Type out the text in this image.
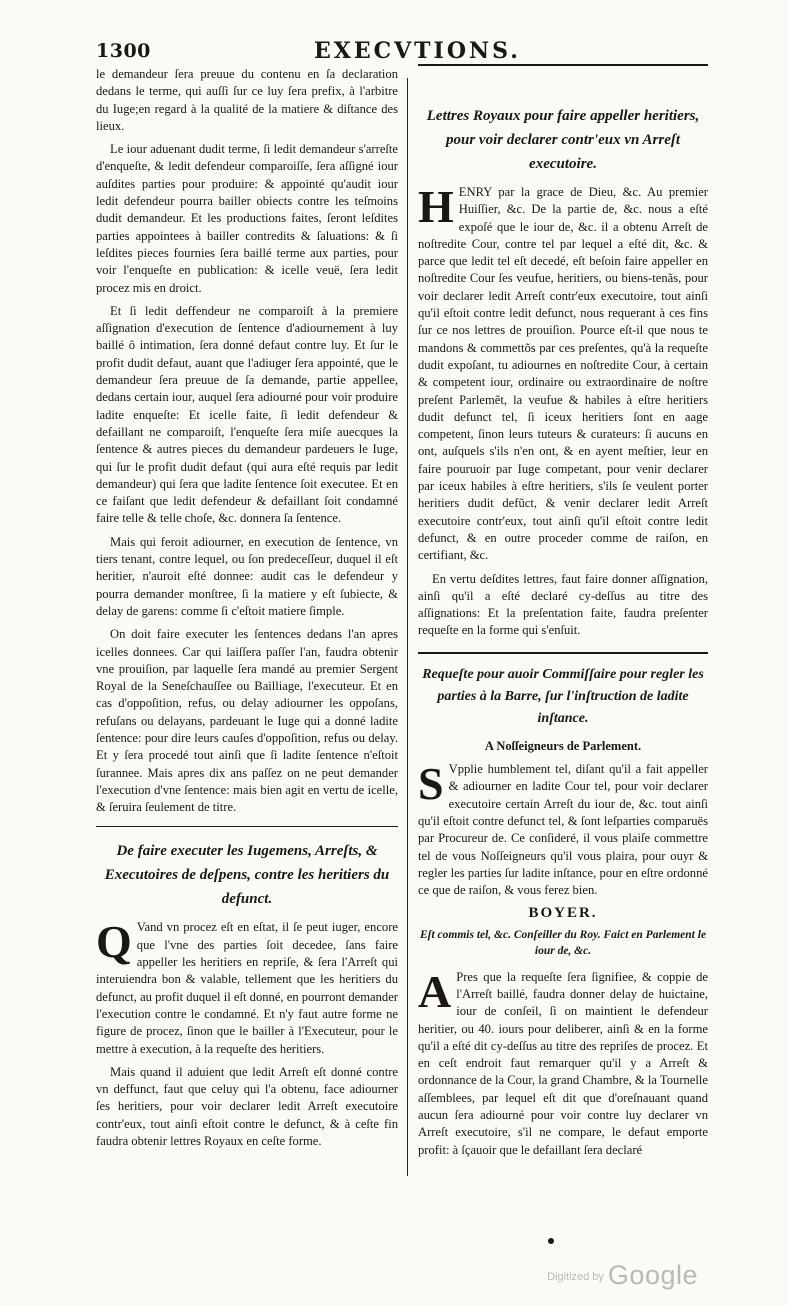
1300	EXECVTIONS.

le demandeur ſera preuue du contenu en ſa declaration dedans le terme, qui auſſi ſur ce luy ſera prefix, à l'arbitre du Iuge;en regard à la qualité de la matiere & diſtance des lieux.

Le iour aduenant dudit terme, ſi ledit demandeur s'arreſte d'enqueſte, & ledit defendeur comparoiſſe, ſera aſſigné iour auſdites parties pour produire: & appointé qu'audit iour ledit defendeur pourra bailler obiects contre les teſmoins dudit demandeur. Et les productions faites, ſeront leſdites parties appointees à bailler contredits & ſaluations: & ſi leſdites pieces fournies ſera baillé terme aux parties, pour voir l'enqueſte en publication: & icelle veuë, ſera ledit procez mis en droict.

Et ſi ledit deffendeur ne comparoiſt à la premiere aſſignation d'execution de ſentence d'adiournement à luy baillé ô intimation, ſera donné defaut contre luy. Et ſur le profit dudit defaut, auant que l'adiuger ſera appointé, que le demandeur ſera preuue de ſa demande, partie appellee, dedans certain iour, auquel ſera adiourné pour voir produire ladite enqueſte: Et icelle faite, ſi ledit defendeur & defaillant ne comparoiſt, l'enqueſte ſera miſe auecques la ſentence & autres pieces du demandeur pardeuers le Iuge, qui ſur le profit dudit defaut (qui aura eſté requis par ledit demandeur) qui ſera que ladite ſentence ſoit executee. Et en ce faiſant que ledit defendeur & defaillant ſoit condamné faire telle & telle choſe, &c. donnera ſa ſentence.

Mais qui feroit adiourner, en execution de ſentence, vn tiers tenant, contre lequel, ou ſon predeceſſeur, duquel il eſt heritier, n'auroit eſté donnee: audit cas le defendeur y pourra demander monſtree, ſi la matiere y eſt ſubiecte, & delay de garens: comme ſi c'eſtoit matiere ſimple.

On doit faire executer les ſentences dedans l'an apres icelles donnees. Car qui laiſſera paſſer l'an, faudra obtenir vne prouiſion, par laquelle ſera mandé au premier Sergent Royal de la Seneſchauſſee ou Bailliage, l'executeur. Et en cas d'oppoſition, refus, ou delay adiourner les oppoſans, refuſans ou delayans, pardeuant le Iuge qui a donné ladite ſentence: pour dire leurs cauſes d'oppoſition, refus ou delay. Et y ſera procedé tout ainſi que ſi ladite ſentence n'eſtoit ſurannee. Mais apres dix ans paſſez on ne peut demander l'execution d'vne ſentence: mais bien agit en vertu de icelle, & ſeruira ſeulement de titre.

De faire executer les Iugemens, Arreſts, & Executoires de deſpens, contre les heritiers du defunct.

Q Vand vn procez eſt en eſtat, il ſe peut iuger, encore que l'vne des parties ſoit decedee, ſans faire appeller les heritiers en repriſe, & ſera l'Arreſt qui interuiendra bon & valable, tellement que les heritiers du defunct, au profit duquel il eſt donné, en pourront demander l'execution contre le condamné. Et n'y faut autre forme ne figure de procez, ſinon que le bailler à l'Executeur, pour le mettre à execution, à la requeſte des heritiers.

Mais quand il aduient que ledit Arreſt eſt donné contre vn deffunct, faut que celuy qui l'a obtenu, face adiourner ſes heritiers, pour voir declarer ledit Arreſt executoire contr'eux, tout ainſi eſtoit contre le defunct, & à ceſte fin faudra obtenir lettres Royaux en ceſte forme.

Lettres Royaux pour faire appeller heritiers, pour voir declarer contr'eux vn Arreſt executoire.

HENRY par la grace de Dieu, &c. Au premier Huiſſier, &c. De la partie de, &c. nous a eſté expoſé que le iour de, &c. il a obtenu Arreſt de noſtredite Cour, contre tel par lequel a eſté dit, &c. & parce que ledit tel eſt decedé, eſt beſoin faire appeller en noſtredite Cour ſes veufue, heritiers, ou biens-tenãs, pour voir declarer ledit Arreſt contr'eux executoire, tout ainſi qu'il eſtoit contre ledit defunct, nous requerant à ces fins ſur ce nos lettres de prouiſion. Pource eſt-il que nous te mandons & commettõs par ces preſentes, qu'à la requeſte dudit expoſant, tu adiournes en noſtredite Cour, à certain & competent iour, ordinaire ou extraordinaire de noſtre preſent Parlemẽt, la veufue & habiles à eſtre heritiers dudit defunct tel, ſi iceux heritiers ſont en aage competent, ſinon leurs tuteurs & curateurs: ſi aucuns en ont, auſquels s'ils n'en ont, & en ayent meſtier, leur en faire pouruoir par Iuge competant, pour venir declarer par iceux habiles à eſtre heritiers, s'ils ſe veulent porter heritiers dudit defũct, & venir declarer ledit Arreſt executoire contr'eux, tout ainſi qu'il eſtoit contre ledit defunct, & en outre proceder comme de raiſon, en certifiant, &c.

En vertu deſdites lettres, faut faire donner aſſignation, ainſi qu'il a eſté declaré cy-deſſus au titre des aſſignations: Et la preſentation faite, faudra preſenter requeſte en la forme qui s'enſuit.

Requeſte pour auoir Commiſſaire pour regler les parties à la Barre, ſur l'inſtruction de ladite inſtance.
A Noſſeigneurs de Parlement.

S Vpplie humblement tel, diſant qu'il a fait appeller & adiourner en ladite Cour tel, pour voir declarer executoire certain Arreſt du iour de, &c. tout ainſi qu'il eſtoit contre defunct tel, & ſont leſparties comparuës par Procureur de. Ce conſideré, il vous plaiſe commettre tel de vous Noſſeigneurs qu'il vous plaira, pour ouyr & regler les parties ſur ladite inſtance, pour en eſtre ordonné ce que de raiſon, & vous ferez bien.

BOYER.
Eſt commis tel, &c. Conſeiller du Roy. Faict en Parlement le iour de, &c.

A Pres que la requeſte ſera ſignifiee, & coppie de l'Arreſt baillé, faudra donner delay de huictaine, iour de conſeil, ſi on maintient le defendeur heritier, ou 40. iours pour deliberer, ainſi & en la forme qu'il a eſté dit cy-deſſus au titre des repriſes de procez. Et en ceſt endroit faut remarquer qu'il y a Arreſt & ordonnance de la Cour, la grand Chambre, & la Tournelle aſſemblees, par lequel eſt dit que d'oreſnauant quand aucun ſera adiourné pour voir contre luy declarer vn Arreſt executoire, s'il ne compare, le defaut emporte profit: à ſçauoir que le defaillant ſera declaré

$^{Digitized by}$ Google
